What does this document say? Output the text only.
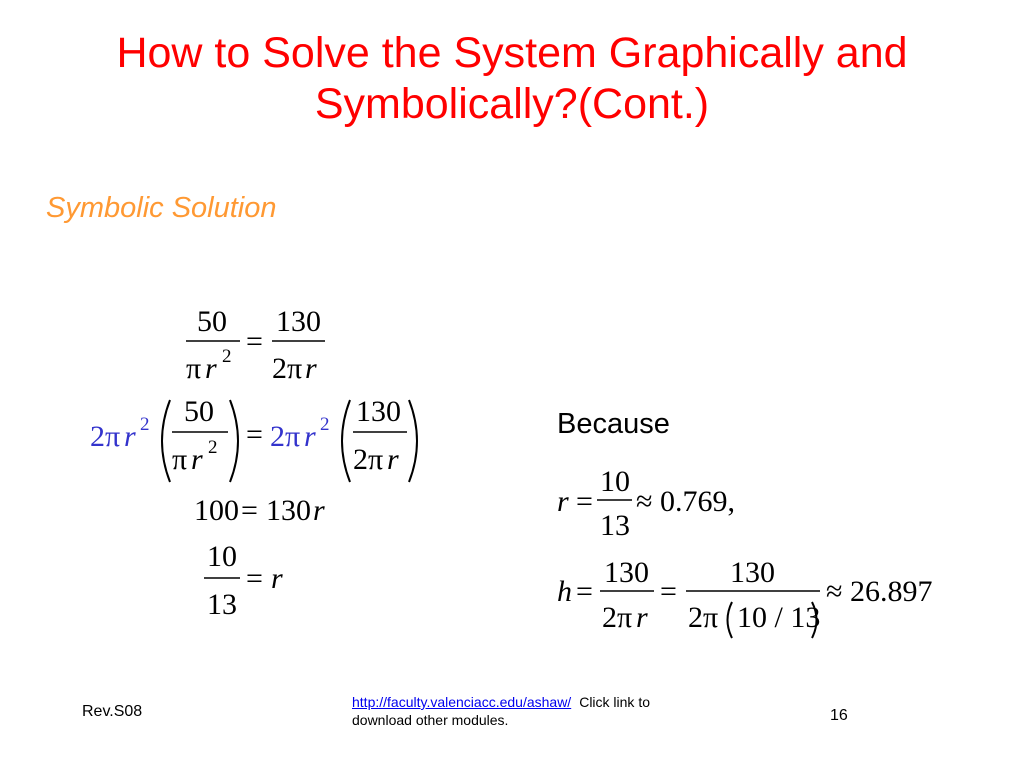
How to Solve the System Graphically and
Symbolically?(Cont.)
Symbolic Solution
Because
50
π r 2 =
130
2π r
2π r 2 50
π r 2 = 2π r 2 130
2π r
100 = 130 r
10
13
= r
r =
10
13
≈ 0.769,
h =
130
2π r
=
130
2π 10 / 13
≈ 26.897
Rev.S08
http://faculty.valenciacc.edu/ashaw/ Click link to download other modules.	16
